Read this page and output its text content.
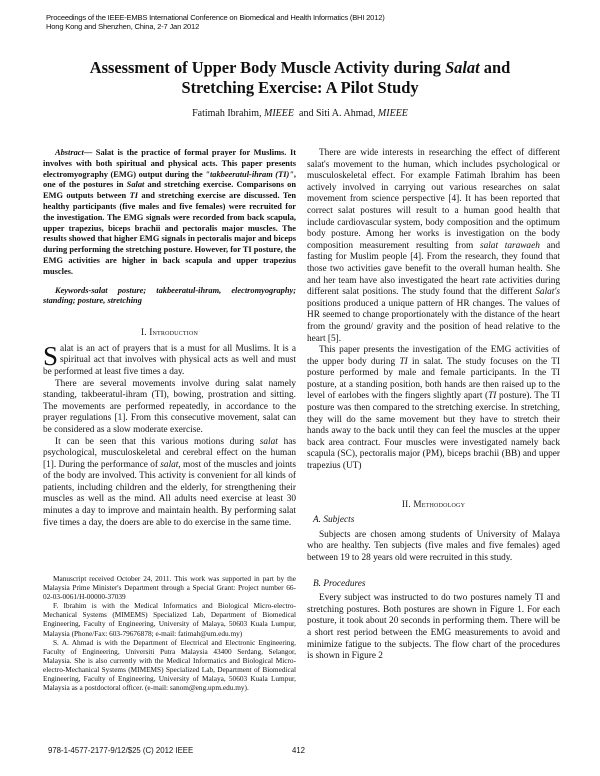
Proceedings of the IEEE-EMBS International Conference on Biomedical and Health Informatics (BHI 2012)
Hong Kong and Shenzhen, China, 2-7 Jan 2012
Assessment of Upper Body Muscle Activity during Salat and
Stretching Exercise: A Pilot Study
Fatimah Ibrahim, MIEEE  and Siti A. Ahmad, MIEEE

Abstract— Salat is the practice of formal prayer for Muslims. It involves with both spiritual and physical acts. This paper presents electromyography (EMG) output during the "takbeeratul-ihram (TI)", one of the postures in Salat and stretching exercise. Comparisons on EMG outputs between TI and stretching exercise are discussed. Ten healthy participants (five males and five females) were recruited for the investigation. The EMG signals were recorded from back scapula, upper trapezius, biceps brachii and pectoralis major muscles. The results showed that higher EMG signals in pectoralis major and biceps during performing the stretching posture. However, for TI posture, the EMG activities are higher in back scapula and upper trapezius muscles.

Keywords-salat posture; takbeeratul-ihram, electromyography; standing; posture, stretching

I. Introduction

Salat is an act of prayers that is a must for all Muslims. It is a spiritual act that involves with physical acts as well and must be performed at least five times a day.

There are several movements involve during salat namely standing, takbeeratul-ihram (TI), bowing, prostration and sitting. The movements are performed repeatedly, in accordance to the prayer regulations [1]. From this consecutive movement, salat can be considered as a slow moderate exercise.

It can be seen that this various motions during salat has psychological, musculoskeletal and cerebral effect on the human [1]. During the performance of salat, most of the muscles and joints of the body are involved. This activity is convenient for all kinds of patients, including children and the elderly, for strengthening their muscles as well as the mind. All adults need exercise at least 30 minutes a day to improve and maintain health. By performing salat five times a day, the doers are able to do exercise in the same time.

Manuscript received October 24, 2011. This work was supported in part by the Malaysia Prime Minister's Department through a Special Grant: Project number 66-02-03-0061/H-00000-37039

F. Ibrahim is with the Medical Informatics and Biological Micro-electro-Mechanical Systems (MIMEMS) Specialized Lab, Department of Biomedical Engineering, Faculty of Engineering, University of Malaya, 50603 Kuala Lumpur, Malaysia (Phone/Fax: 603-79676878; e-mail: fatimah@um.edu.my)

S. A. Ahmad is with the Department of Electrical and Electronic Engineering, Faculty of Engineering, Universiti Putra Malaysia 43400 Serdang, Selangor, Malaysia. She is also currently with the Medical Informatics and Biological Micro-electro-Mechanical Systems (MIMEMS) Specialized Lab, Department of Biomedical Engineering, Faculty of Engineering, University of Malaya, 50603 Kuala Lumpur, Malaysia as a postdoctoral officer. (e-mail: sanom@eng.upm.edu.my).

There are wide interests in researching the effect of different salat's movement to the human, which includes psychological or musculoskeletal effect. For example Fatimah Ibrahim has been actively involved in carrying out various researches on salat movement from science perspective [4]. It has been reported that correct salat postures will result to a human good health that include cardiovascular system, body composition and the optimum body posture. Among her works is investigation on the body composition measurement resulting from salat tarawaeh and fasting for Muslim people [4]. From the research, they found that those two activities gave benefit to the overall human health. She and her team have also investigated the heart rate activities during different salat positions. The study found that the different Salat's positions produced a unique pattern of HR changes. The values of HR seemed to change proportionately with the distance of the heart from the ground/ gravity and the position of head relative to the heart [5].

This paper presents the investigation of the EMG activities of the upper body during TI in salat. The study focuses on the TI posture performed by male and female participants. In the TI posture, at a standing position, both hands are then raised up to the level of earlobes with the fingers slightly apart (TI posture). The TI posture was then compared to the stretching exercise. In stretching, they will do the same movement but they have to stretch their hands away to the back until they can feel the muscles at the upper back area contract. Four muscles were investigated namely back scapula (SC), pectoralis major (PM), biceps brachii (BB) and upper trapezius (UT)

II. Methodology
A. Subjects

Subjects are chosen among students of University of Malaya who are healthy. Ten subjects (five males and five females) aged between 19 to 28 years old were recruited in this study.

B. Procedures

Every subject was instructed to do two postures namely TI and stretching postures. Both postures are shown in Figure 1. For each posture, it took about 20 seconds in performing them. There will be a short rest period between the EMG measurements to avoid and minimize fatigue to the subjects. The flow chart of the procedures is shown in Figure 2

978-1-4577-2177-9/12/$25 (C) 2012 IEEE	412
